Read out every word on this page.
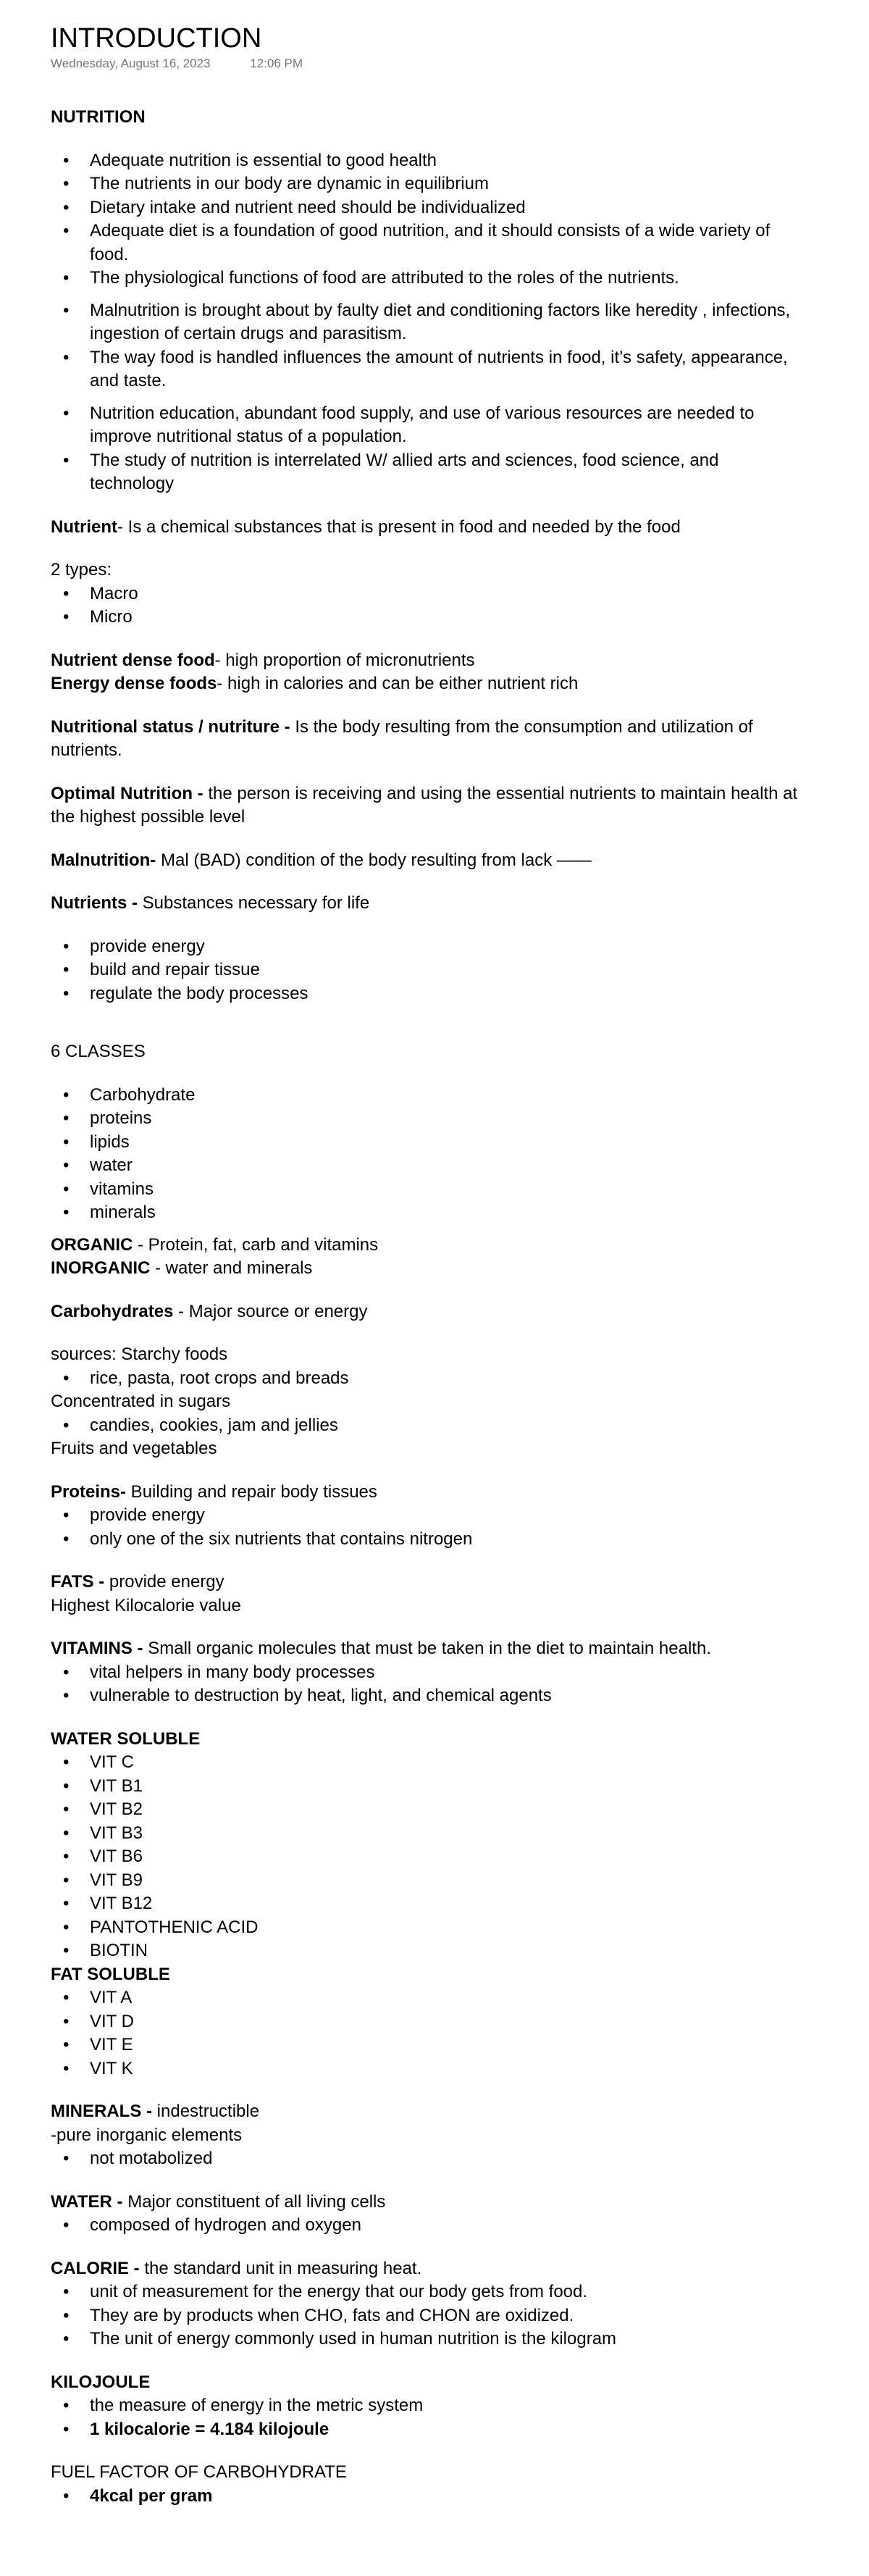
INTRODUCTION
Wednesday, August 16, 2023	12:06 PM

NUTRITION

• Adequate nutrition is essential to good health
• The nutrients in our body are dynamic in equilibrium
• Dietary intake and nutrient need should be individualized
• Adequate diet is a foundation of good nutrition, and it should consists of a wide variety of food.
• The physiological functions of food are attributed to the roles of the nutrients.
• Malnutrition is brought about by faulty diet and conditioning factors like heredity , infections, ingestion of certain drugs and parasitism.
• The way food is handled influences the amount of nutrients in food, it’s safety, appearance, and taste.
• Nutrition education, abundant food supply, and use of various resources are needed to improve nutritional status of a population.
• The study of nutrition is interrelated W/ allied arts and sciences, food science, and technology

Nutrient- Is a chemical substances that is present in food and needed by the food

2 types:

• Macro
• Micro

Nutrient dense food- high proportion of micronutrients

Energy dense foods- high in calories and can be either nutrient rich

Nutritional status / nutriture - Is the body resulting from the consumption and utilization of nutrients.

Optimal Nutrition - the person is receiving and using the essential nutrients to maintain health at the highest possible level

Malnutrition- Mal (BAD) condition of the body resulting from lack ——

Nutrients - Substances necessary for life

• provide energy
• build and repair tissue
• regulate the body processes

6 CLASSES

• Carbohydrate
• proteins
• lipids
• water
• vitamins
• minerals

ORGANIC - Protein, fat, carb and vitamins

INORGANIC - water and minerals

Carbohydrates - Major source or energy

sources: Starchy foods

• rice, pasta, root crops and breads

Concentrated in sugars

• candies, cookies, jam and jellies

Fruits and vegetables

Proteins- Building and repair body tissues

• provide energy
• only one of the six nutrients that contains nitrogen

FATS - provide energy

Highest Kilocalorie value

VITAMINS - Small organic molecules that must be taken in the diet to maintain health.

• vital helpers in many body processes
• vulnerable to destruction by heat, light, and chemical agents

WATER SOLUBLE

• VIT C
• VIT B1
• VIT B2
• VIT B3
• VIT B6
• VIT B9
• VIT B12
• PANTOTHENIC ACID
• BIOTIN

FAT SOLUBLE

• VIT A
• VIT D
• VIT E
• VIT K

MINERALS - indestructible

-pure inorganic elements

• not motabolized

WATER - Major constituent of all living cells

• composed of hydrogen and oxygen

CALORIE - the standard unit in measuring heat.

• unit of measurement for the energy that our body gets from food.
• They are by products when CHO, fats and CHON are oxidized.
• The unit of energy commonly used in human nutrition is the kilogram

KILOJOULE

• the measure of energy in the metric system
• 1 kilocalorie = 4.184 kilojoule

FUEL FACTOR OF CARBOHYDRATE

• 4kcal per gram
